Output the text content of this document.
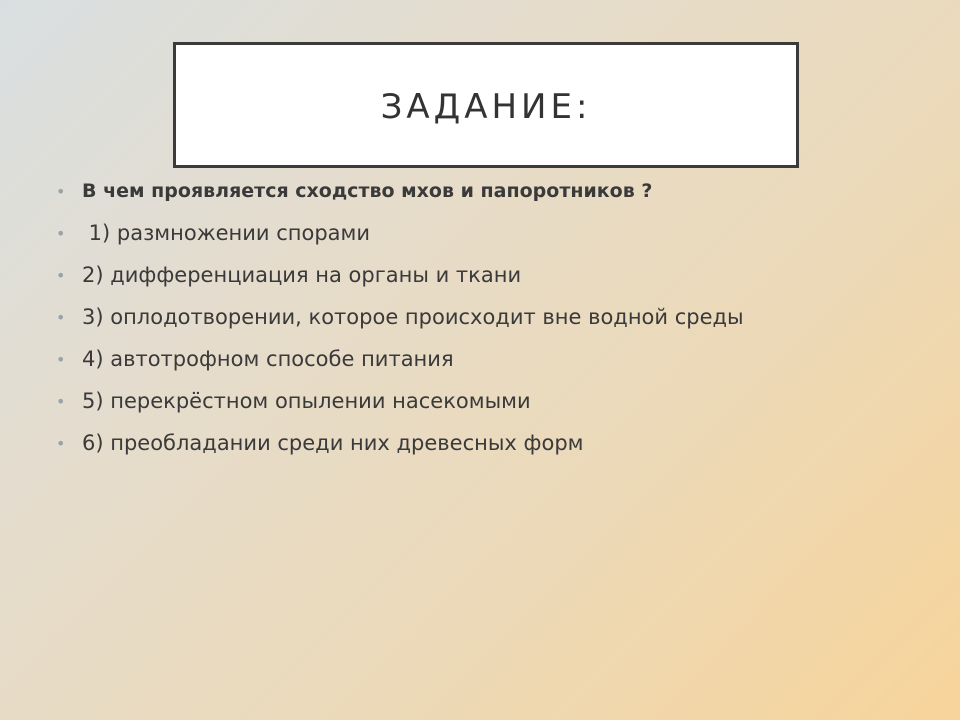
ЗАДАНИЕ:
• В чем проявляется сходство мхов и папоротников ?
• 1) размножении спорами
• 2) дифференциация на органы и ткани
• 3) оплодотворении, которое происходит вне водной среды
• 4) автотрофном способе питания
• 5) перекрёстном опылении насекомыми
• 6) преобладании среди них древесных форм
